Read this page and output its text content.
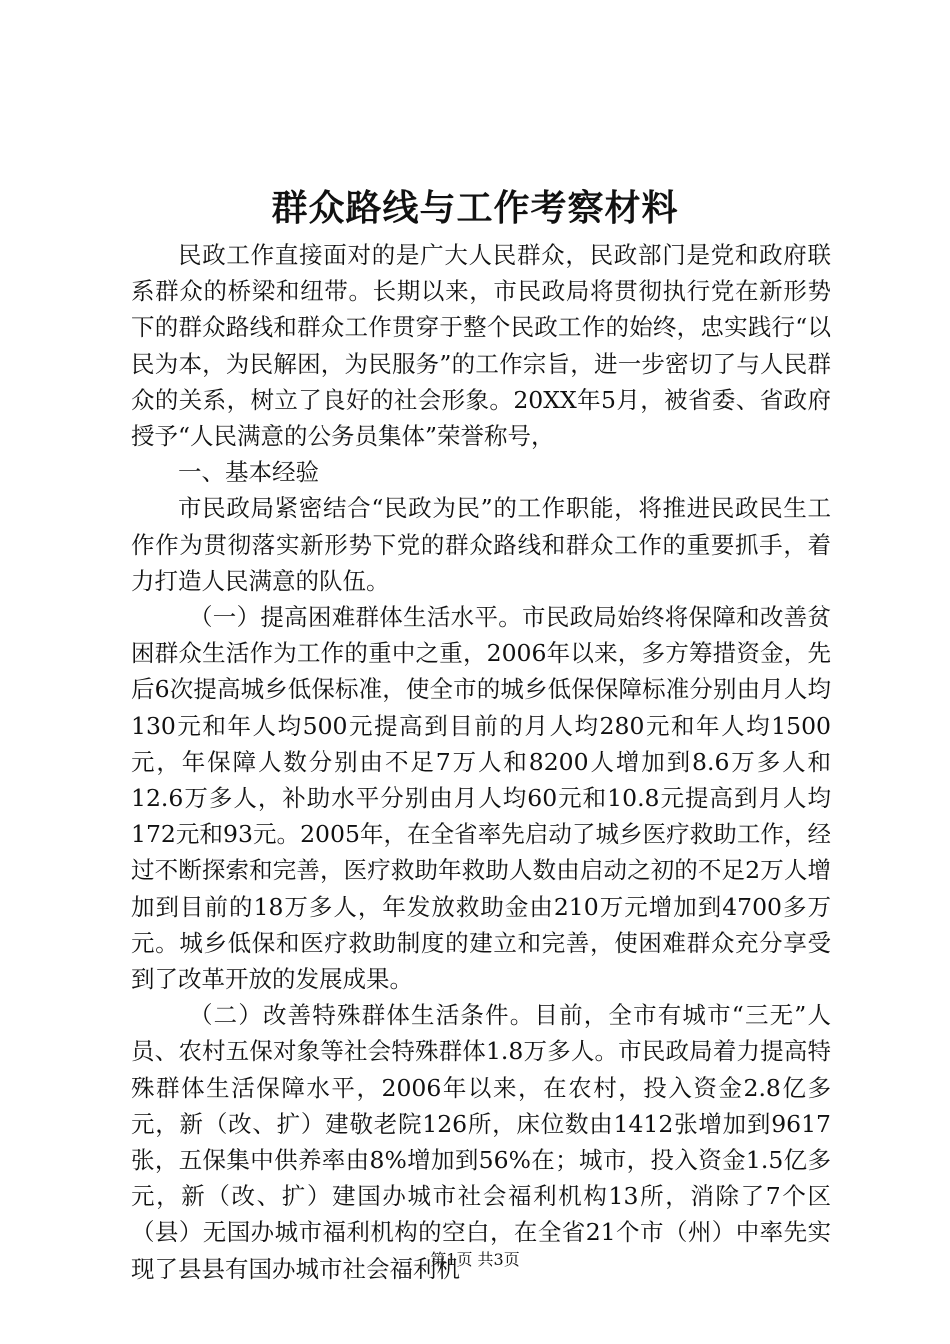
群众路线与工作考察材料

民政工作直接面对的是广大人民群众，民政部门是党和政府联系群众的桥梁和纽带。长期以来，市民政局将贯彻执行党在新形势下的群众路线和群众工作贯穿于整个民政工作的始终，忠实践行“以民为本，为民解困，为民服务”的工作宗旨，进一步密切了与人民群众的关系，树立了良好的社会形象。20XX年5月，被省委、省政府授予“人民满意的公务员集体”荣誉称号，

一、基本经验

市民政局紧密结合“民政为民”的工作职能，将推进民政民生工作作为贯彻落实新形势下党的群众路线和群众工作的重要抓手，着力打造人民满意的队伍。

（一）提高困难群体生活水平。市民政局始终将保障和改善贫困群众生活作为工作的重中之重，2006年以来，多方筹措资金，先后6次提高城乡低保标准，使全市的城乡低保保障标准分别由月人均130元和年人均500元提高到目前的月人均280元和年人均1500元，年保障人数分别由不足7万人和8200人增加到8.6万多人和12.6万多人，补助水平分别由月人均60元和10.8元提高到月人均172元和93元。2005年，在全省率先启动了城乡医疗救助工作，经过不断探索和完善，医疗救助年救助人数由启动之初的不足2万人增加到目前的18万多人，年发放救助金由210万元增加到4700多万元。城乡低保和医疗救助制度的建立和完善，使困难群众充分享受到了改革开放的发展成果。

（二）改善特殊群体生活条件。目前，全市有城市“三无”人员、农村五保对象等社会特殊群体1.8万多人。市民政局着力提高特殊群体生活保障水平，2006年以来，在农村，投入资金2.8亿多元，新（改、扩）建敬老院126所，床位数由1412张增加到9617张，五保集中供养率由8%增加到56%在；城市，投入资金1.5亿多元，新（改、扩）建国办城市社会福利机构13所，消除了7个区（县）无国办城市福利机构的空白，在全省21个市（州）中率先实现了县县有国办城市社会福利机

第1页 共3页
